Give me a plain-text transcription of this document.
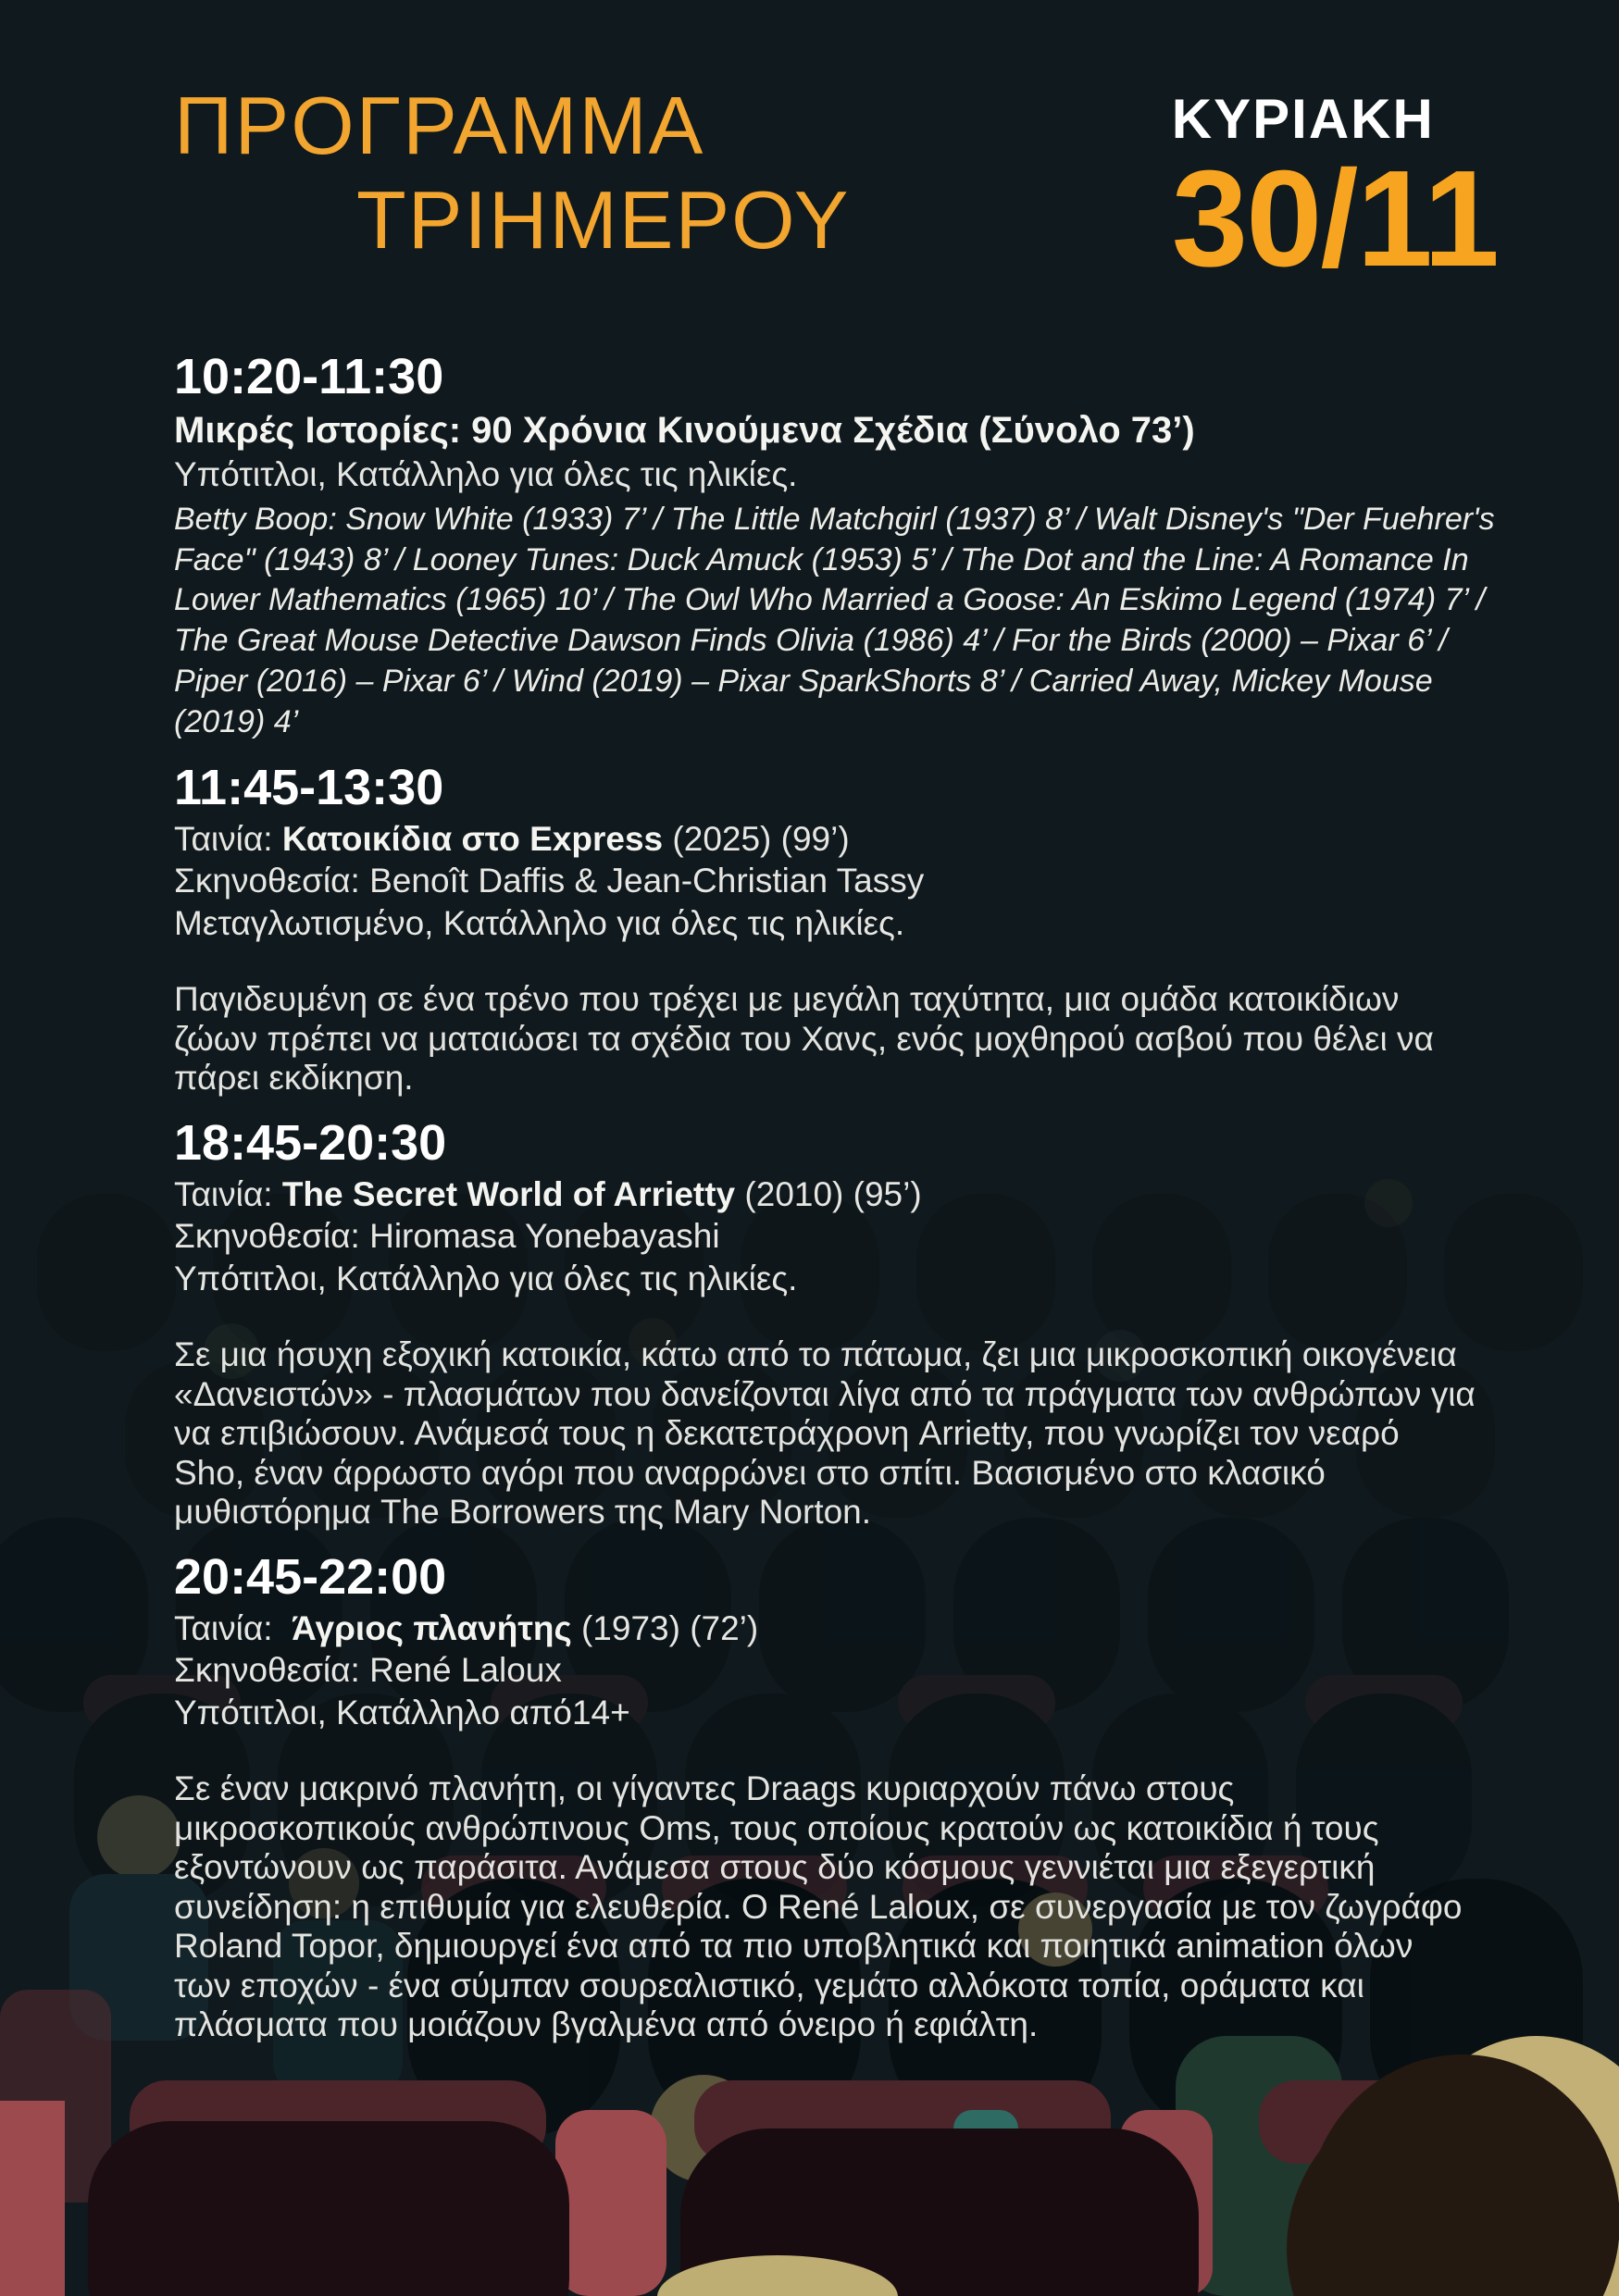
ΠΡΟΓΡΑΜΜΑ
ΤΡΙΗΜΕΡΟΥ
ΚΥΡΙΑΚΗ
30/11
10:20-11:30

Μικρές Ιστορίες: 90 Χρόνια Κινούμενα Σχέδια (Σύνολο 73’)

Υπότιτλοι, Κατάλληλο για όλες τις ηλικίες.

Betty Boop: Snow White (1933) 7’ / The Little Matchgirl (1937) 8’ / Walt Disney's "Der Fuehrer's Face" (1943) 8’ / Looney Tunes: Duck Amuck (1953) 5’ / The Dot and the Line: A Romance In Lower Mathematics (1965) 10’ / The Owl Who Married a Goose: An Eskimo Legend (1974) 7’ / The Great Mouse Detective Dawson Finds Olivia (1986) 4’ / For the Birds (2000) – Pixar 6’ / Piper (2016) – Pixar 6’ / Wind (2019) – Pixar SparkShorts 8’ / Carried Away, Mickey Mouse (2019) 4’

11:45-13:30

Ταινία: Κατοικίδια στο Express (2025) (99’)

Σκηνοθεσία: Benoît Daffis & Jean-Christian Tassy

Μεταγλωτισμένο, Κατάλληλο για όλες τις ηλικίες.

Παγιδευμένη σε ένα τρένο που τρέχει με μεγάλη ταχύτητα, μια ομάδα κατοικίδιων ζώων πρέπει να ματαιώσει τα σχέδια του Χανς, ενός μοχθηρού ασβού που θέλει να πάρει εκδίκηση.

18:45-20:30

Ταινία: The Secret World of Arrietty (2010) (95’)

Σκηνοθεσία: Hiromasa Yonebayashi

Υπότιτλοι, Κατάλληλο για όλες τις ηλικίες.

Σε μια ήσυχη εξοχική κατοικία, κάτω από το πάτωμα, ζει μια μικροσκοπική οικογένεια «Δανειστών» - πλασμάτων που δανείζονται λίγα από τα πράγματα των ανθρώπων για να επιβιώσουν. Ανάμεσά τους η δεκατετράχρονη Arrietty, που γνωρίζει τον νεαρό Sho, έναν άρρωστο αγόρι που αναρρώνει στο σπίτι. Βασισμένο στο κλασικό μυθιστόρημα The Borrowers της Mary Norton.

20:45-22:00

Ταινία: Άγριος πλανήτης (1973) (72’)

Σκηνοθεσία: René Laloux

Υπότιτλοι, Κατάλληλο από14+

Σε έναν μακρινό πλανήτη, οι γίγαντες Draags κυριαρχούν πάνω στους μικροσκοπικούς ανθρώπινους Oms, τους οποίους κρατούν ως κατοικίδια ή τους εξοντώνουν ως παράσιτα. Ανάμεσα στους δύο κόσμους γεννιέται μια εξεγερτική συνείδηση: η επιθυμία για ελευθερία. Ο René Laloux, σε συνεργασία με τον ζωγράφο Roland Topor, δημιουργεί ένα από τα πιο υποβλητικά και ποιητικά animation όλων των εποχών - ένα σύμπαν σουρεαλιστικό, γεμάτο αλλόκοτα τοπία, οράματα και πλάσματα που μοιάζουν βγαλμένα από όνειρο ή εφιάλτη.
